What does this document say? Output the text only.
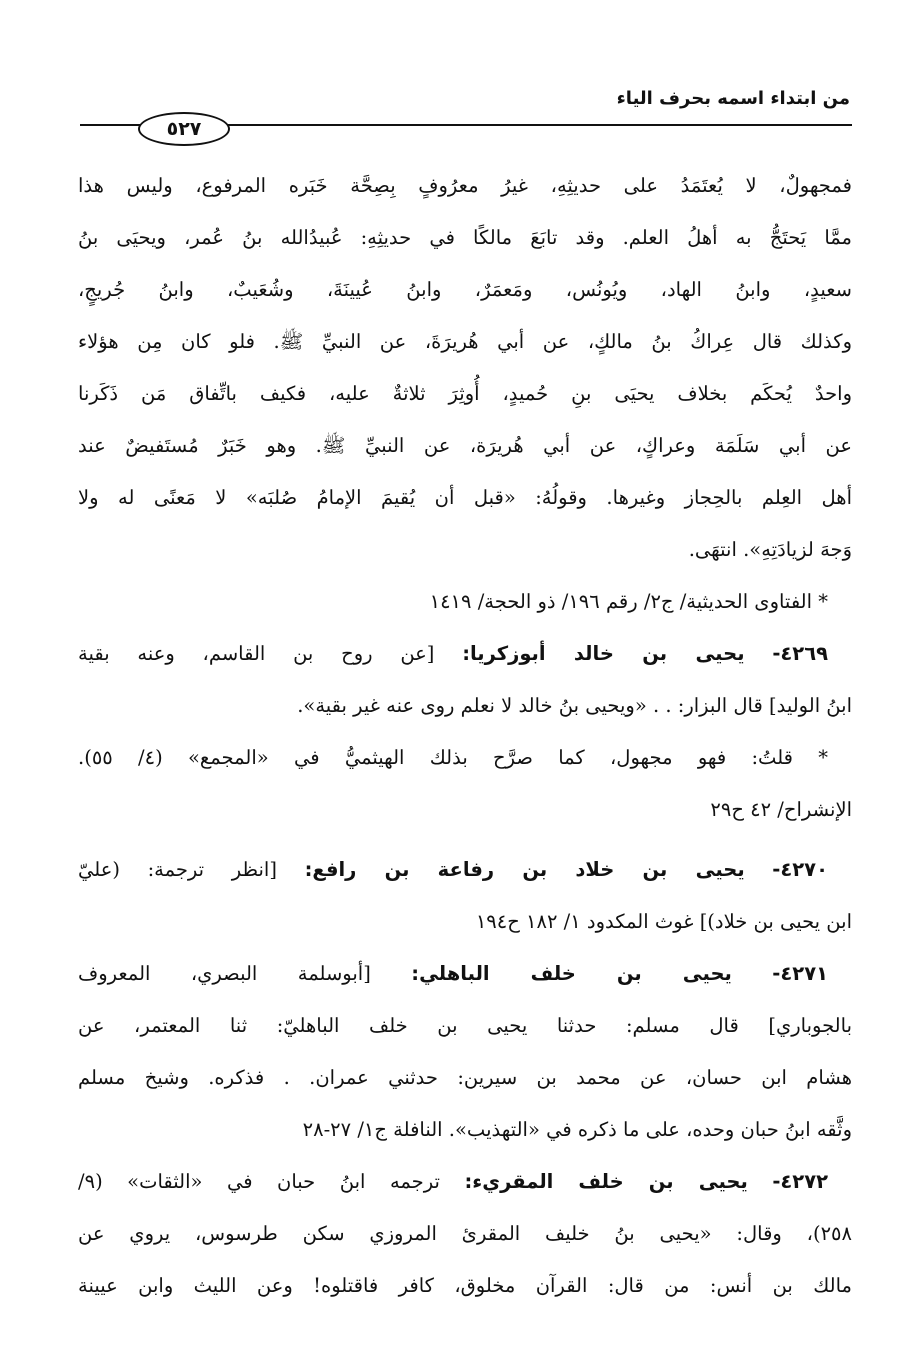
من ابتداء اسمه بحرف الياء
٥٢٧
فمجهولٌ، لا يُعتَمَدُ على حديثِهِ، غيرُ معرُوفٍ بِصِحَّة خَبَره المرفوع، وليس هذا
ممَّا يَحتَجُّ به أهلُ العلم. وقد تابَعَ مالكًا في حديثِهِ: عُبيدُالله بنُ عُمر، ويحيَى بنُ
سعيدٍ، وابنُ الهاد، ويُونُس، ومَعمَرٌ، وابنُ عُيينَةَ، وشُعَيبٌ، وابنُ جُريجٍ،
وكذلك قال عِراكُ بنُ مالكٍ، عن أبي هُريرَةَ، عن النبيِّ ﷺ. فلو كان مِن هؤلاء
واحدٌ يُحكَم بخلاف يحيَى بنِ حُميدٍ، أُوثِرَ ثلاثةٌ عليه، فكيف باتِّفاق مَن ذَكَرنا
عن أبي سَلَمَة وعراكٍ، عن أبي هُريرَة، عن النبيِّ ﷺ. وهو خَبَرٌ مُستَفيضٌ عند
أهل العِلم بالحِجاز وغيرها. وقولُهُ: «قبل أن يُقيمَ الإمامُ صُلبَه» لا مَعنًى له ولا
وَجهَ لزيادَتِهِ». انتهَى.
* الفتاوى الحديثية/ ج٢/ رقم ١٩٦/ ذو الحجة/ ١٤١٩
٤٢٦٩- يحيى بن خالد أبوزكريا: [عن روح بن القاسم، وعنه بقية
ابنُ الوليد] قال البزار: . . «ويحيى بنُ خالد لا نعلم روى عنه غير بقية».
* قلتُ: فهو مجهول، كما صرَّح بذلك الهيثميُّ في «المجمع» (٤/ ٥٥).
الإنشراح/ ٤٢ ح٢٩
٤٢٧٠- يحيى بن خلاد بن رفاعة بن رافع: [انظر ترجمة: (عليّ
ابن يحيى بن خلاد)] غوث المكدود ١/ ١٨٢ ح١٩٤
٤٢٧١- يحيى بن خلف الباهلي: [أبوسلمة البصري، المعروف
بالجوباري] قال مسلم: حدثنا يحيى بن خلف الباهليّ: ثنا المعتمر، عن
هشام ابن حسان، عن محمد بن سيرين: حدثني عمران. . فذكره. وشيخ مسلم
وثَّقه ابنُ حبان وحده، على ما ذكره في «التهذيب». النافلة ج١/ ٢٧-٢٨
٤٢٧٢- يحيى بن خلف المقريء: ترجمه ابنُ حبان في «الثقات» (٩/
٢٥٨)، وقال: «يحيى بنُ خليف المقرئ المروزي سكن طرسوس، يروي عن
مالك بن أنس: من قال: القرآن مخلوق، كافر فاقتلوه! وعن الليث وابن عيينة
